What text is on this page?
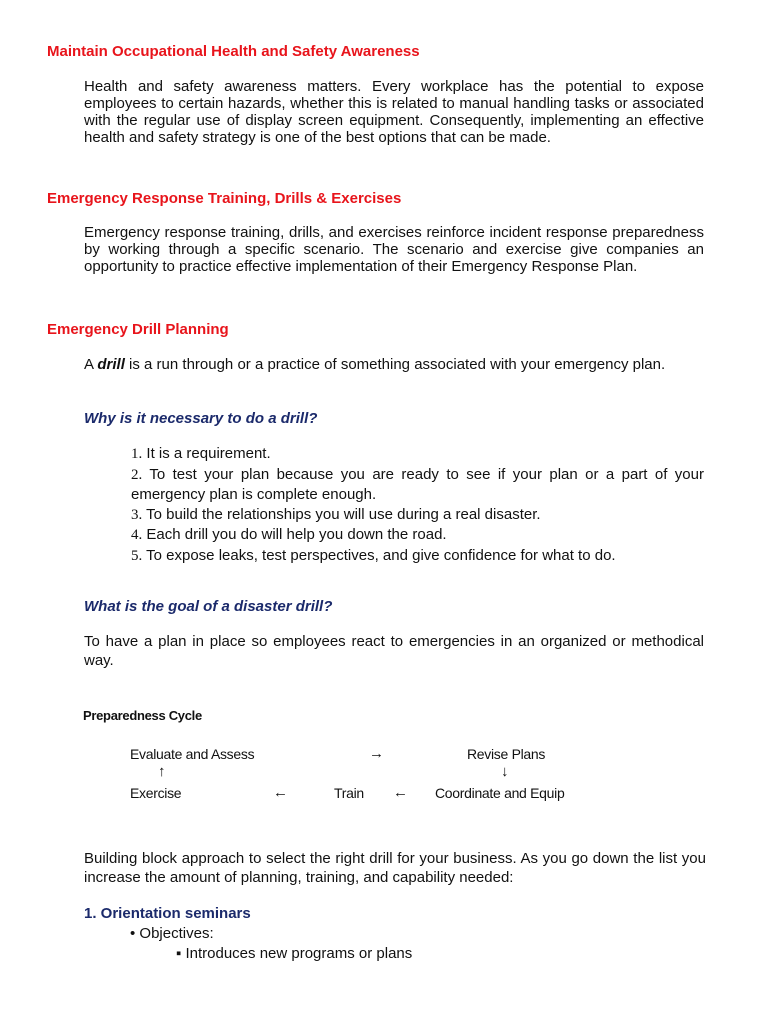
Maintain Occupational Health and Safety Awareness
Health and safety awareness matters. Every workplace has the potential to expose employees to certain hazards, whether this is related to manual handling tasks or associated with the regular use of display screen equipment. Consequently, implementing an effective health and safety strategy is one of the best options that can be made.
Emergency Response Training, Drills & Exercises
Emergency response training, drills, and exercises reinforce incident response preparedness by working through a specific scenario. The scenario and exercise give companies an opportunity to practice effective implementation of their Emergency Response Plan.
Emergency Drill Planning
A drill is a run through or a practice of something associated with your emergency plan.
Why is it necessary to do a drill?
1. It is a requirement.
2. To test your plan because you are ready to see if your plan or a part of your emergency plan is complete enough.
3. To build the relationships you will use during a real disaster.
4. Each drill you do will help you down the road.
5. To expose leaks, test perspectives, and give confidence for what to do.
What is the goal of a disaster drill?
To have a plan in place so employees react to emergencies in an organized or methodical way.
Preparedness Cycle
Evaluate and Assess	→	Revise Plans
↑	↓
Exercise	←	Train ← Coordinate and Equip
Building block approach to select the right drill for your business. As you go down the list you increase the amount of planning, training, and capability needed:
1. Orientation seminars
• Objectives:
▪ Introduces new programs or plans
